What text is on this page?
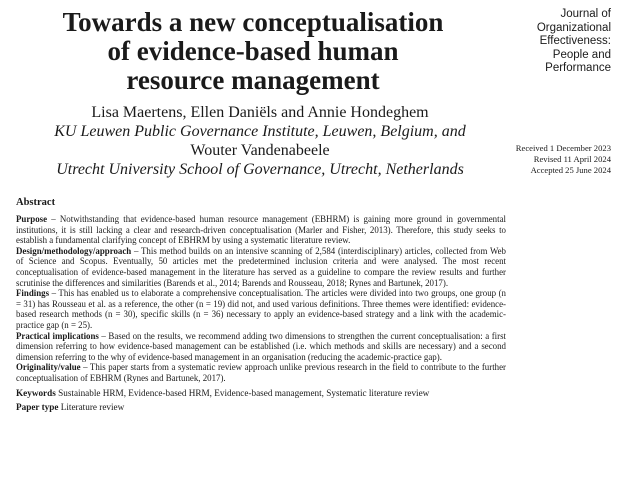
Towards a new conceptualisation
of evidence-based human
resource management
Lisa Maertens, Ellen Daniëls and Annie Hondeghem
KU Leuwen Public Governance Institute, Leuwen, Belgium, and
Wouter Vandenabeele
Utrecht University School of Governance, Utrecht, Netherlands
Journal of
Organizational
Effectiveness:
People and
Performance
Received 1 December 2023
Revised 11 April 2024
Accepted 25 June 2024
Abstract

Purpose – Notwithstanding that evidence-based human resource management (EBHRM) is gaining more ground in governmental institutions, it is still lacking a clear and research-driven conceptualisation (Marler and Fisher, 2013). Therefore, this study seeks to establish a fundamental clarifying concept of EBHRM by using a systematic literature review.

Design/methodology/approach – This method builds on an intensive scanning of 2,584 (interdisciplinary) articles, collected from Web of Science and Scopus. Eventually, 50 articles met the predetermined inclusion criteria and were analysed. The most recent conceptualisation of evidence-based management in the literature has served as a guideline to compare the review results and further scrutinise the differences and similarities (Barends et al., 2014; Barends and Rousseau, 2018; Rynes and Bartunek, 2017).

Findings – This has enabled us to elaborate a comprehensive conceptualisation. The articles were divided into two groups, one group (n = 31) has Rousseau et al. as a reference, the other (n = 19) did not, and used various definitions. Three themes were identified: evidence-based research methods (n = 30), specific skills (n = 36) necessary to apply an evidence-based strategy and a link with the academic-practice gap (n = 25).

Practical implications – Based on the results, we recommend adding two dimensions to strengthen the current conceptualisation: a first dimension referring to how evidence-based management can be established (i.e. which methods and skills are necessary) and a second dimension referring to the why of evidence-based management in an organisation (reducing the academic-practice gap).

Originality/value – This paper starts from a systematic review approach unlike previous research in the field to contribute to the further conceptualisation of EBHRM (Rynes and Bartunek, 2017).

Keywords Sustainable HRM, Evidence-based HRM, Evidence-based management, Systematic literature review
Paper type Literature review
